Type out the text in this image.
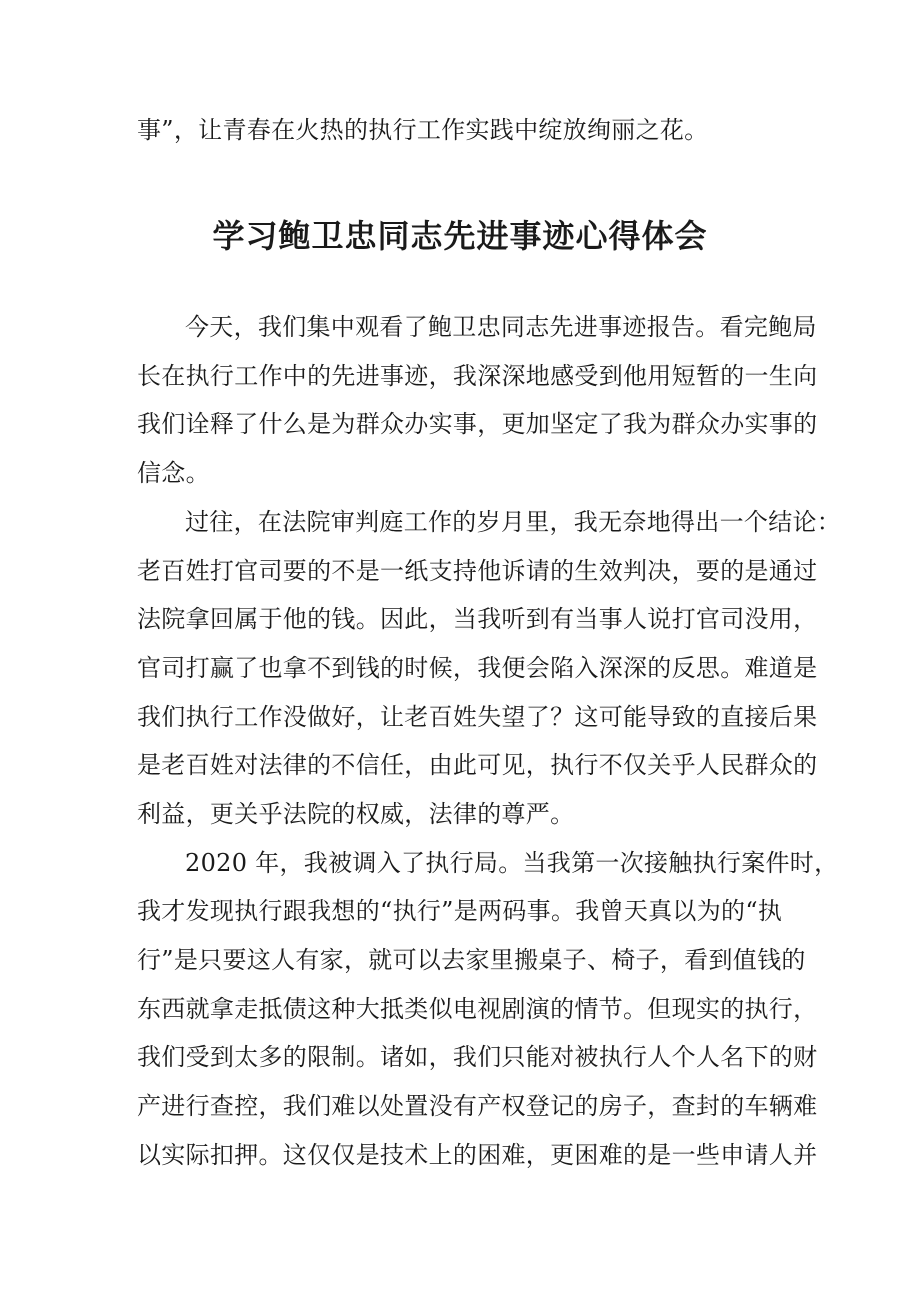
事”，让青春在火热的执行工作实践中绽放绚丽之花。
学习鲍卫忠同志先进事迹心得体会
今天，我们集中观看了鲍卫忠同志先进事迹报告。看完鲍局
长在执行工作中的先进事迹，我深深地感受到他用短暂的一生向
我们诠释了什么是为群众办实事，更加坚定了我为群众办实事的
信念。
过往，在法院审判庭工作的岁月里，我无奈地得出一个结论：
老百姓打官司要的不是一纸支持他诉请的生效判决，要的是通过
法院拿回属于他的钱。因此，当我听到有当事人说打官司没用，
官司打赢了也拿不到钱的时候，我便会陷入深深的反思。难道是
我们执行工作没做好，让老百姓失望了？这可能导致的直接后果
是老百姓对法律的不信任，由此可见，执行不仅关乎人民群众的
利益，更关乎法院的权威，法律的尊严。
2020 年，我被调入了执行局。当我第一次接触执行案件时，
我才发现执行跟我想的“执行”是两码事。我曾天真以为的“执
行”是只要这人有家，就可以去家里搬桌子、椅子，看到值钱的
东西就拿走抵债这种大抵类似电视剧演的情节。但现实的执行，
我们受到太多的限制。诸如，我们只能对被执行人个人名下的财
产进行查控，我们难以处置没有产权登记的房子，查封的车辆难
以实际扣押。这仅仅是技术上的困难，更困难的是一些申请人并
